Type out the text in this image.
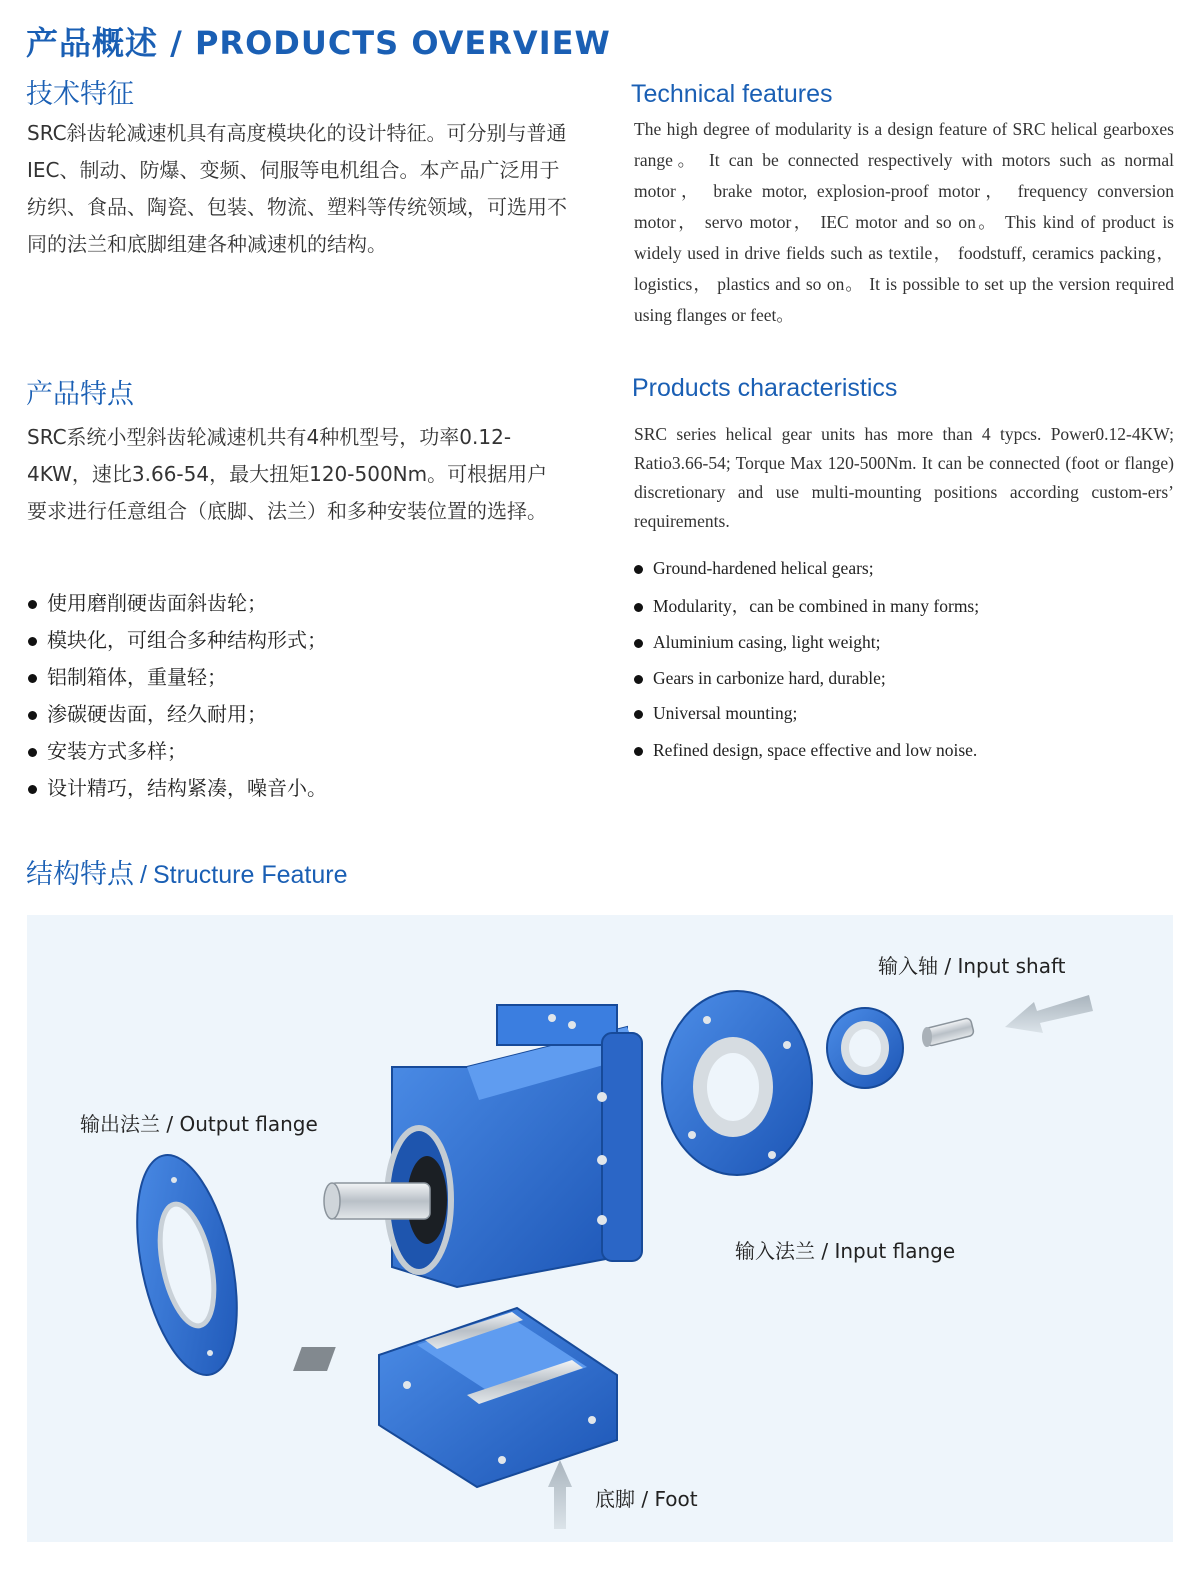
产品概述 / PRODUCTS OVERVIEW
技术特征	Technical features
SRC斜齿轮减速机具有高度模块化的设计特征。可分别与普通IEC、制动、防爆、变频、伺服等电机组合。本产品广泛用于纺织、食品、陶瓷、包装、物流、塑料等传统领域，可选用不同的法兰和底脚组建各种减速机的结构。
The high degree of modularity is a design feature of SRC helical gearboxes range。 It can be connected respectively with motors such as normal motor， brake motor, explosion-proof motor， frequency conversion motor， servo motor， IEC motor and so on。 This kind of product is widely used in drive fields such as textile， foodstuff, ceramics packing， logistics， plastics and so on。 It is possible to set up the version required using flanges or feet。
产品特点	Products characteristics
SRC系统小型斜齿轮减速机共有4种机型号，功率0.12-4KW，速比3.66-54，最大扭矩120-500Nm。可根据用户要求进行任意组合（底脚、法兰）和多种安装位置的选择。
SRC series helical gear units has more than 4 typcs. Power0.12-4KW; Ratio3.66-54; Torque Max 120-500Nm. It can be connected (foot or flange) discretionary and use multi-mounting positions according custom-ers’ requirements.
使用磨削硬齿面斜齿轮；
模块化，可组合多种结构形式；
铝制箱体，重量轻；
渗碳硬齿面，经久耐用；
安装方式多样；
设计精巧，结构紧凑，噪音小。
Ground-hardened helical gears;
Modularity，can be combined in many forms;
Aluminium casing, light weight;
Gears in carbonize hard, durable;
Universal mounting;
Refined design, space effective and low noise.
结构特点 / Structure Feature
输入轴 / Input shaft
输出法兰 / Output flange
输入法兰 / Input flange
底脚 / Foot
